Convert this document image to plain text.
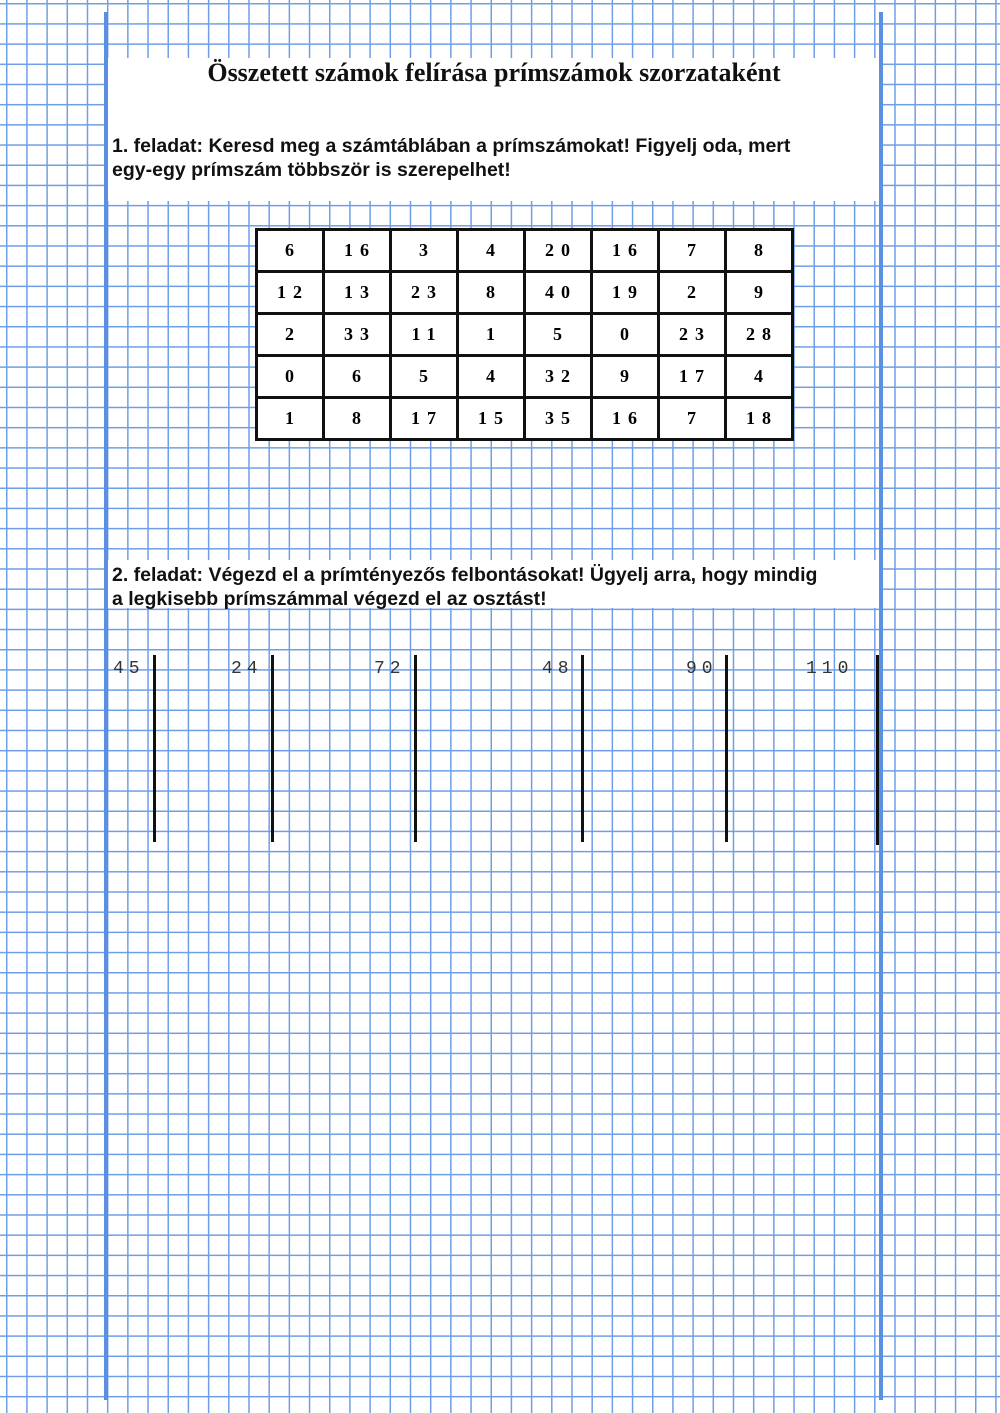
Összetett számok felírása prímszámok szorzataként
1. feladat: Keresd meg a számtáblában a prímszámokat! Figyelj oda, mert
egy-egy prímszám többször is szerepelhet!
6	16	3	4	20	16	7	8
12	13	23	8	40	19	2	9
2	33	11	1	5	0	23	28
0	6	5	4	32	9	17	4
1	8	17	15	35	16	7	18
2. feladat: Végezd el a prímtényezős felbontásokat! Ügyelj arra, hogy mindig
a legkisebb prímszámmal végezd el az osztást!
45	24	72	48	90	110
